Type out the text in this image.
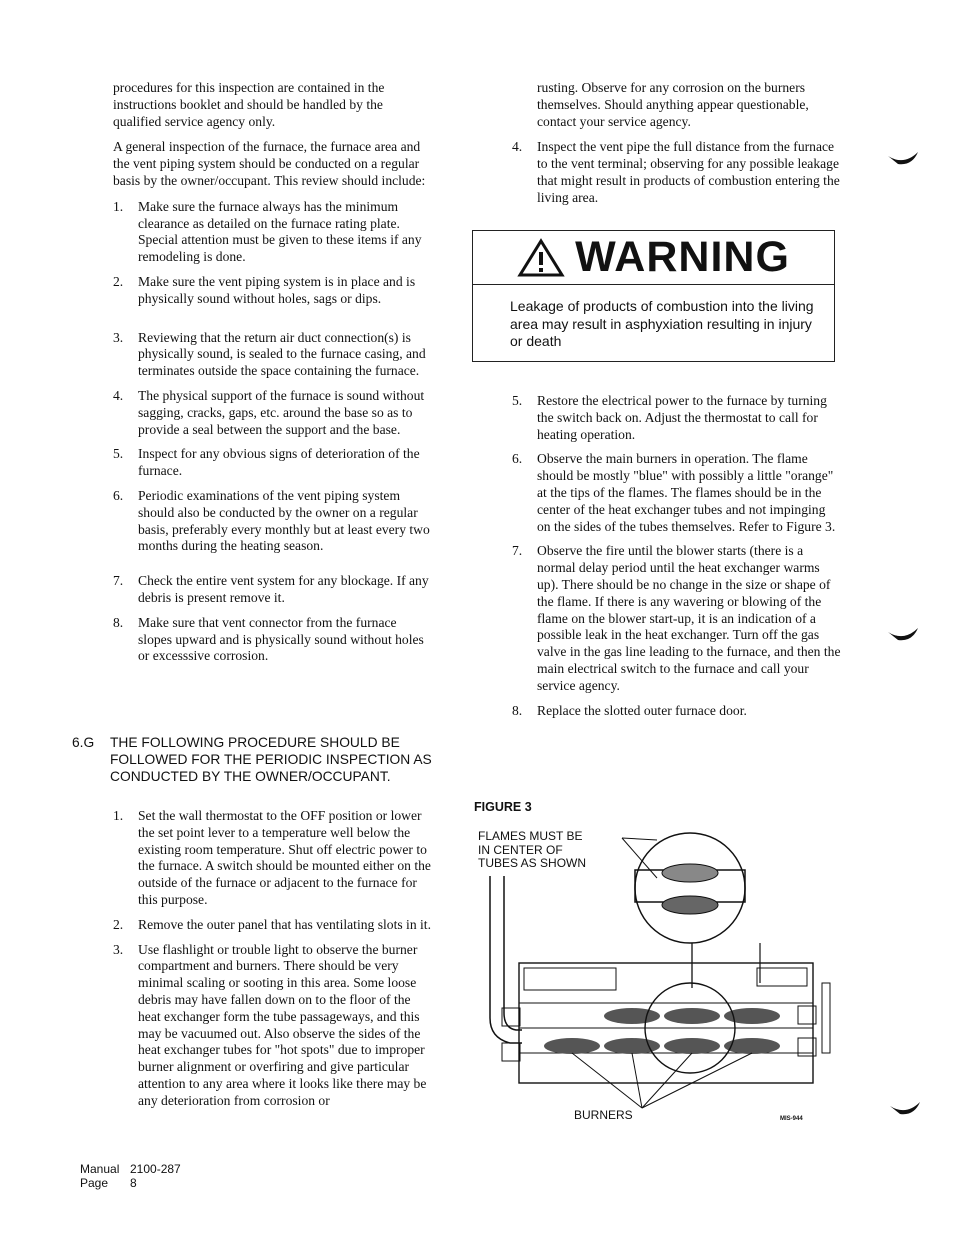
procedures for this inspection are contained in the instructions booklet and should be handled by the qualified service agency only.

A general inspection of the furnace, the furnace area and the vent piping system should be conducted on a regular basis by the owner/occupant. This review should include:

1. Make sure the furnace always has the minimum clearance as detailed on the furnace rating plate. Special attention must be given to these items if any remodeling is done.
2. Make sure the vent piping system is in place and is physically sound without holes, sags or dips.
3. Reviewing that the return air duct connection(s) is physically sound, is sealed to the furnace casing, and terminates outside the space containing the furnace.
4. The physical support of the furnace is sound without sagging, cracks, gaps, etc. around the base so as to provide a seal between the support and the base.
5. Inspect for any obvious signs of deterioration of the furnace.
6. Periodic examinations of the vent piping system should also be conducted by the owner on a regular basis, preferably every monthly but at least every two months during the heating season.
7. Check the entire vent system for any blockage. If any debris is present remove it.
8. Make sure that vent connector from the furnace slopes upward and is physically sound without holes or excesssive corrosion.
6.G THE FOLLOWING PROCEDURE SHOULD BE FOLLOWED FOR THE PERIODIC INSPECTION AS CONDUCTED BY THE OWNER/OCCUPANT.
1. Set the wall thermostat to the OFF position or lower the set point lever to a temperature well below the existing room temperature. Shut off electric power to the furnace. A switch should be mounted either on the outside of the furnace or adjacent to the furnace for this purpose.
2. Remove the outer panel that has ventilating slots in it.
3. Use flashlight or trouble light to observe the burner compartment and burners. There should be very minimal scaling or sooting in this area. Some loose debris may have fallen down on to the floor of the heat exchanger form the tube passageways, and this may be vacuumed out. Also observe the sides of the heat exchanger tubes for "hot spots" due to improper burner alignment or overfiring and give particular attention to any area where it looks like there may be any deterioration from corrosion or

rusting. Observe for any corrosion on the burners themselves. Should anything appear questionable, contact your service agency.

4. Inspect the vent pipe the full distance from the furnace to the vent terminal; observing for any possible leakage that might result in products of combustion entering the living area.
WARNING
Leakage of products of combustion into the living area may result in asphyxiation resulting in injury or death
5. Restore the electrical power to the furnace by turning the switch back on. Adjust the thermostat to call for heating operation.
6. Observe the main burners in operation. The flame should be mostly "blue" with possibly a little "orange" at the tips of the flames. The flames should be in the center of the heat exchanger tubes and not impinging on the sides of the tubes themselves. Refer to Figure 3.
7. Observe the fire until the blower starts (there is a normal delay period until the heat exchanger warms up). There should be no change in the size or shape of the flame. If there is any wavering or blowing of the flame on the blower start-up, it is an indication of a possible leak in the heat exchanger. Turn off the gas valve in the gas line leading to the furnace, and then the main electrical switch to the furnace and call your service agency.
8. Replace the slotted outer furnace door.
FIGURE 3
FLAMES MUST BE
IN CENTER OF
TUBES AS SHOWN
BURNERS	MIS-944
Manual 2100-287
Page 8
